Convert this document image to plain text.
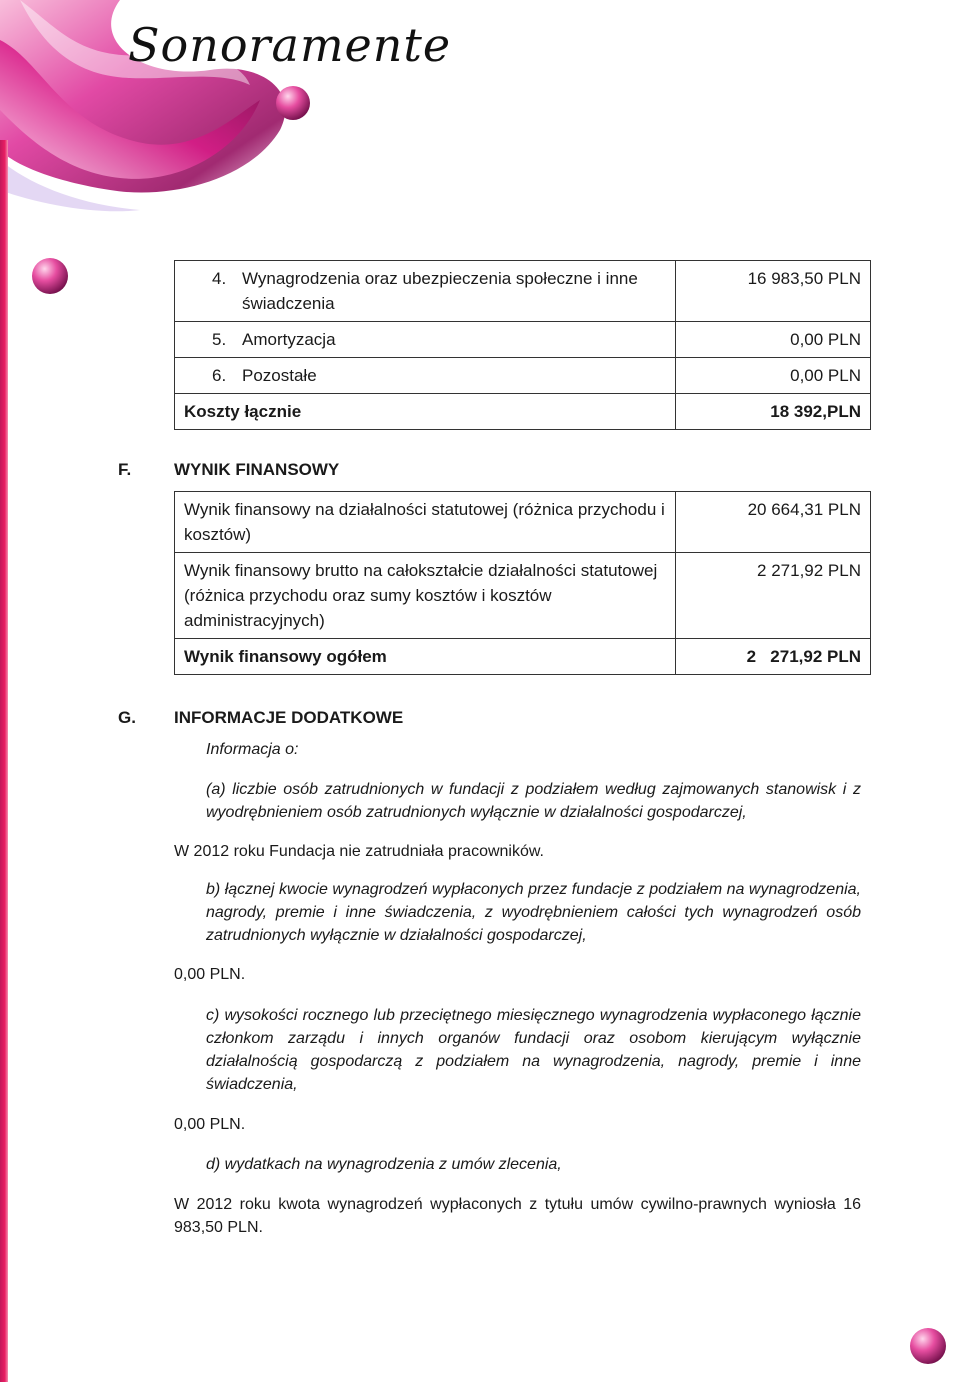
Sonoramente
4. Wynagrodzenia oraz ubezpieczenia społeczne i inne świadczenia	16 983,50 PLN

5. Amortyzacja	0,00 PLN

6. Pozostałe	0,00 PLN
Koszty łącznie	18 392,PLN
F.	WYNIK FINANSOWY
Wynik finansowy na działalności statutowej (różnica przychodu i kosztów)	20 664,31 PLN
Wynik finansowy brutto na całokształcie działalności statutowej (różnica przychodu oraz sumy kosztów i kosztów administracyjnych)	2 271,92 PLN
Wynik finansowy ogółem	2   271,92 PLN
G. INFORMACJE DODATKOWE
Informacja o:
(a) liczbie osób zatrudnionych w fundacji z podziałem według zajmowanych stanowisk i z wyodrębnieniem osób zatrudnionych wyłącznie w działalności gospodarczej,
W 2012 roku Fundacja nie zatrudniała pracowników.
b) łącznej kwocie wynagrodzeń wypłaconych przez fundacje z podziałem na wynagrodzenia, nagrody, premie i inne świadczenia, z wyodrębnieniem całości tych wynagrodzeń osób zatrudnionych wyłącznie w działalności gospodarczej,
0,00 PLN.
c) wysokości rocznego lub przeciętnego miesięcznego wynagrodzenia wypłaconego łącznie członkom zarządu i innych organów fundacji oraz osobom kierującym wyłącznie działalnością gospodarczą z podziałem na wynagrodzenia, nagrody, premie i inne świadczenia,
0,00 PLN.
d) wydatkach na wynagrodzenia z umów zlecenia,
W 2012 roku kwota wynagrodzeń wypłaconych z tytułu umów cywilno-prawnych wyniosła 16 983,50 PLN.
